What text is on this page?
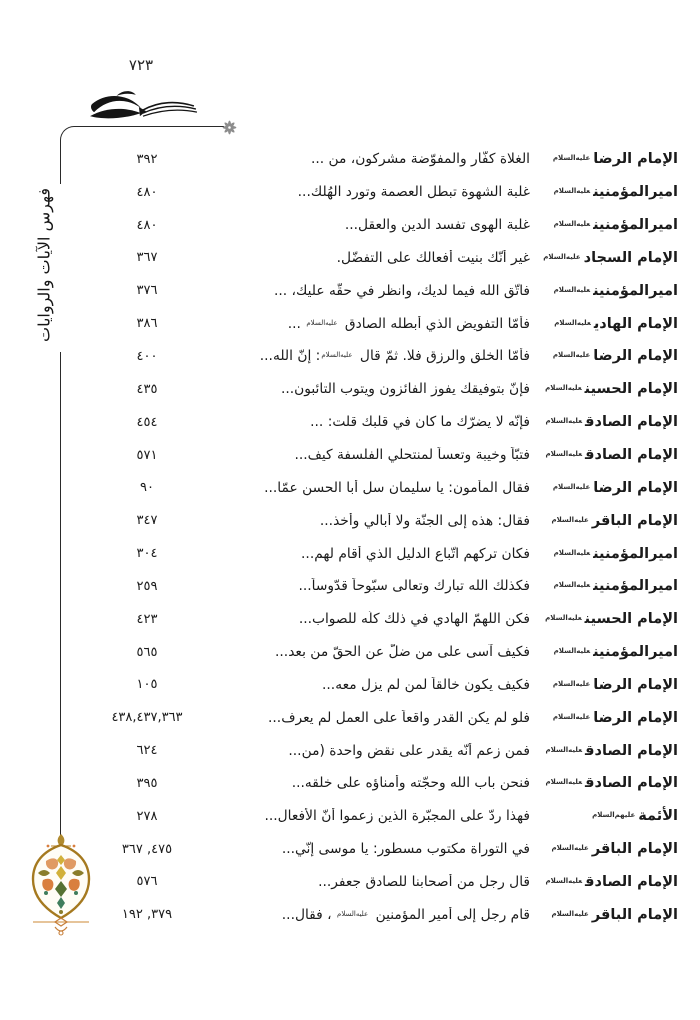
٧٢٣
فهرس الآيات والروايات
الإمام الرضا$^{عليه‌السلام}$
الغلاة كفّار والمفوّضة مشركون، من ...
٣٩٢
اميرالمؤمنين$^{عليه‌السلام}$
غلبة الشهوة تبطل العصمة وتورد الهُلك...
٤٨٠
اميرالمؤمنين$^{عليه‌السلام}$
غلبة الهوى تفسد الدين والعقل...
٤٨٠
الإمام السجاد$^{عليه‌السلام}$
غير أنّك بنيت أفعالك على التفضّل.
٣٦٧
اميرالمؤمنين$^{عليه‌السلام}$
فاتّق الله فيما لديك، وانظر في حقّه عليك، ...
٣٧٦
الإمام الهادي$^{عليه‌السلام}$
فأمّا التفويض الذي أبطله الصادق $^{عليه‌السلام}$ ...
٣٨٦
الإمام الرضا$^{عليه‌السلام}$
فأمّا الخلق والرزق فلا. ثمّ قال $^{عليه‌السلام}$: إنّ الله...
٤٠٠
الإمام الحسين$^{عليه‌السلام}$
فإنّ بتوفيقك يفوز الفائزون ويتوب التائبون...
٤٣٥
الإمام الصادق$^{عليه‌السلام}$
فإنّه لا يضرّك ما كان في قلبك قلت: ...
٤٥٤
الإمام الصادق$^{عليه‌السلام}$
فتبّاً وخيبة وتعساً لمنتحلي الفلسفة كيف...
٥٧١
الإمام الرضا$^{عليه‌السلام}$
فقال المأمون: يا سليمان سل أبا الحسن عمّا...
٩٠
الإمام الباقر$^{عليه‌السلام}$
فقال: هذه إلى الجنّة ولا أُبالي وأخذ...
٣٤٧
اميرالمؤمنين$^{عليه‌السلام}$
فكان تركهم اتّباع الدليل الذي أقام لهم...
٣٠٤
اميرالمؤمنين$^{عليه‌السلام}$
فكذلك الله تبارك وتعالى سبّوحاً قدّوساً...
٢٥٩
الإمام الحسين$^{عليه‌السلام}$
فكن اللهمّ الهادي في ذلك كلّه للصواب...
٤٢٣
اميرالمؤمنين$^{عليه‌السلام}$
فكيف آسى على من ضلّ عن الحقّ من بعد...
٥٦٥
الإمام الرضا$^{عليه‌السلام}$
فكيف يكون خالقاً لمن لم يزل معه...
١٠٥
الإمام الرضا$^{عليه‌السلام}$
فلو لم يكن القدر واقعاً على العمل لم يعرف...
٤٣٨,٤٣٧,٣٦٣
الإمام الصادق$^{عليه‌السلام}$
فمن زعم أنّه يقدر على نقض واحدة (من...
٦٢٤
الإمام الصادق$^{عليه‌السلام}$
فنحن باب الله وحجّته وأمناؤه على خلقه...
٣٩٥
الأئمة$^{عليهم‌السلام}$
فهذا ردّ على المجبّرة الذين زعموا أنّ الأفعال...
٢٧٨
الإمام الباقر$^{عليه‌السلام}$
في التوراة مكتوب مسطور: يا موسى إنّي...
٤٧٥, ٣٦٧
الإمام الصادق$^{عليه‌السلام}$
قال رجل من أصحابنا للصادق جعفر...
٥٧٦
الإمام الباقر$^{عليه‌السلام}$
قام رجل إلى أمير المؤمنين $^{عليه‌السلام}$ ، فقال...
٣٧٩, ١٩٢
